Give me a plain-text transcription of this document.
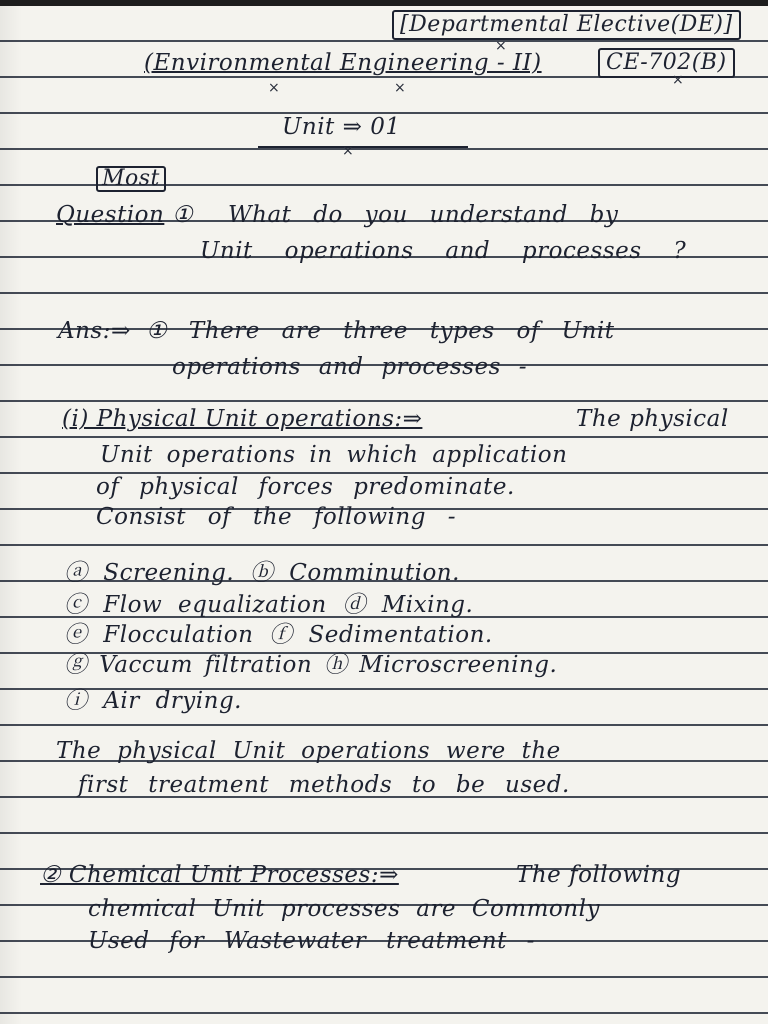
[Departmental Elective(DE)]
(Environmental Engineering - II)	CE-702(B)
×
×	×	×
Unit ⇒ 01
×
Most
Question ① What do you understand by
Unit operations and processes ?
Ans:⇒ ① There are three types of Unit
operations and processes -
(i) Physical Unit operations:⇒	The physical
Unit operations in which application
of physical forces predominate.
Consist of the following -
ⓐ Screening. ⓑ Comminution.
ⓒ Flow equalization ⓓ Mixing.
ⓔ Flocculation ⓕ Sedimentation.
ⓖ Vaccum filtration ⓗ Microscreening.
ⓘ Air drying.
The physical Unit operations were the
first treatment methods to be used.
② Chemical Unit Processes:⇒	The following
chemical Unit processes are Commonly
Used for Wastewater treatment -
